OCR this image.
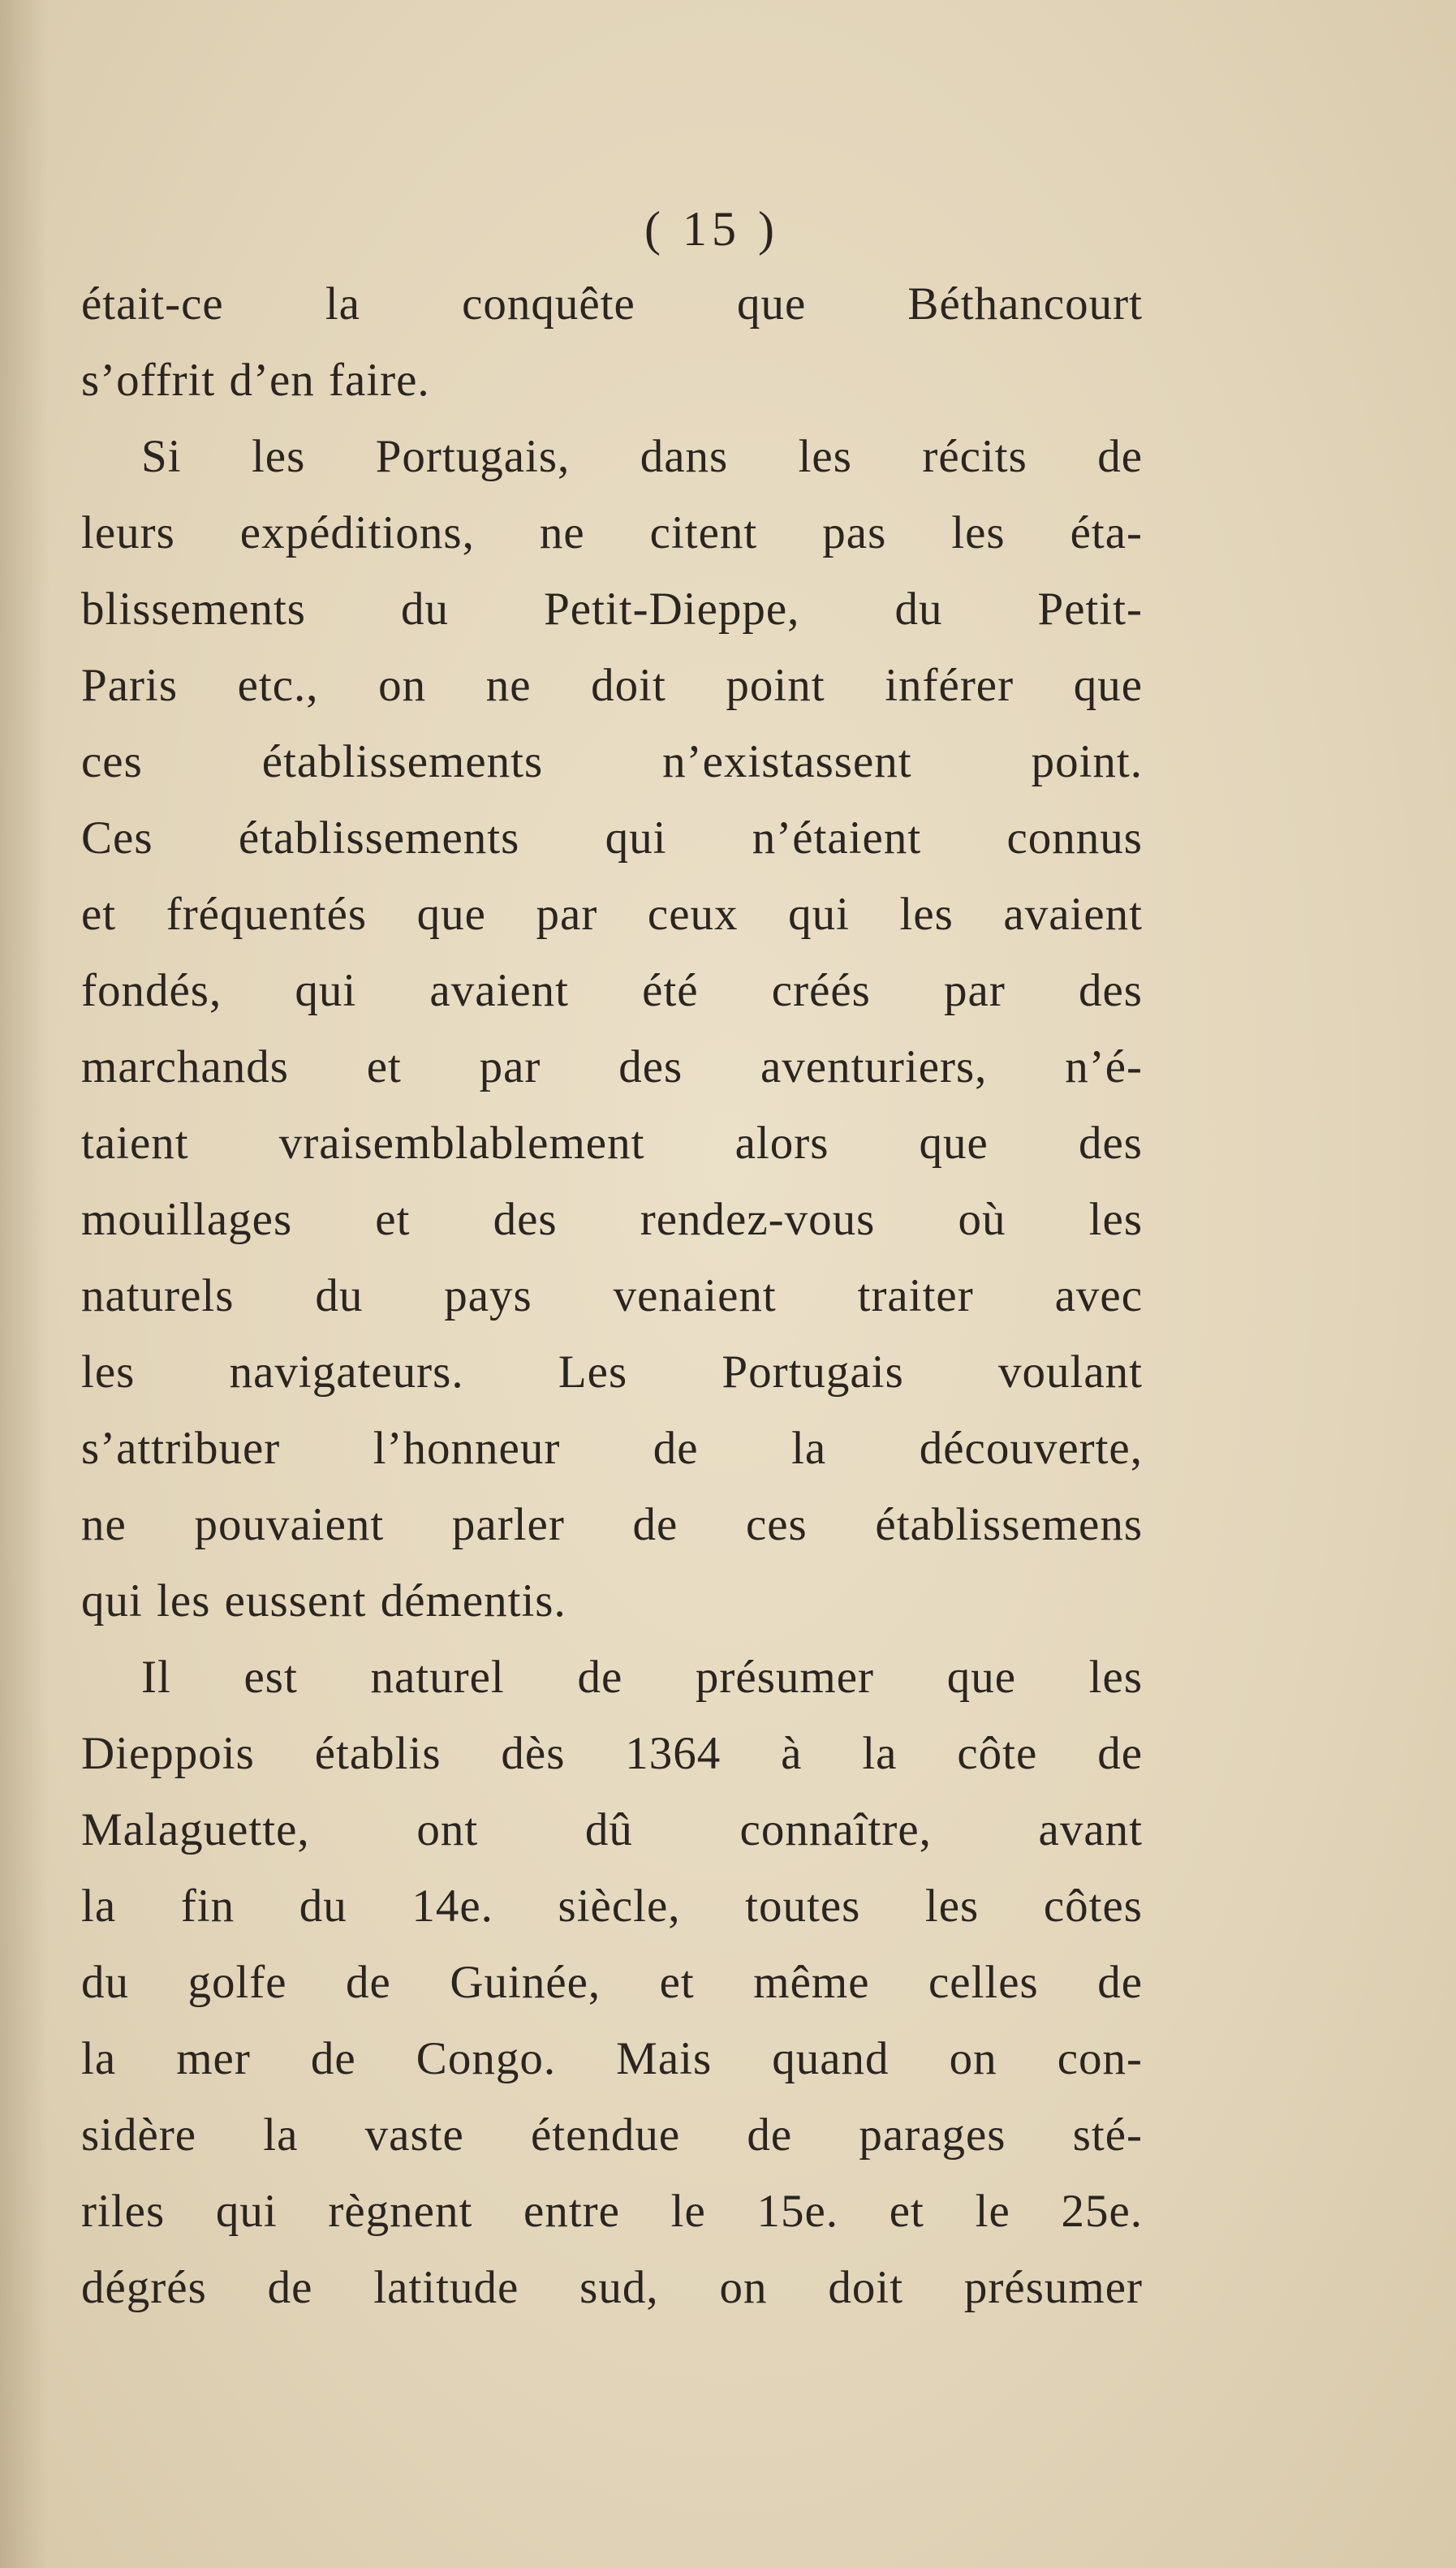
( 15 )
était-ce la conquête que Béthancourt
s’offrit d’en faire.
Si les Portugais, dans les récits de
leurs expéditions, ne citent pas les éta-
blissements du Petit-Dieppe, du Petit-
Paris etc., on ne doit point inférer que
ces établissements n’existassent point.
Ces établissements qui n’étaient connus
et fréquentés que par ceux qui les avaient
fondés, qui avaient été créés par des
marchands et par des aventuriers, n’é-
taient vraisemblablement alors que des
mouillages et des rendez-vous où les
naturels du pays venaient traiter avec
les navigateurs. Les Portugais voulant
s’attribuer l’honneur de la découverte,
ne pouvaient parler de ces établissemens
qui les eussent démentis.
Il est naturel de présumer que les
Dieppois établis dès 1364 à la côte de
Malaguette, ont dû connaître, avant
la fin du 14e. siècle, toutes les côtes
du golfe de Guinée, et même celles de
la mer de Congo. Mais quand on con-
sidère la vaste étendue de parages sté-
riles qui règnent entre le 15e. et le 25e.
dégrés de latitude sud, on doit présumer
